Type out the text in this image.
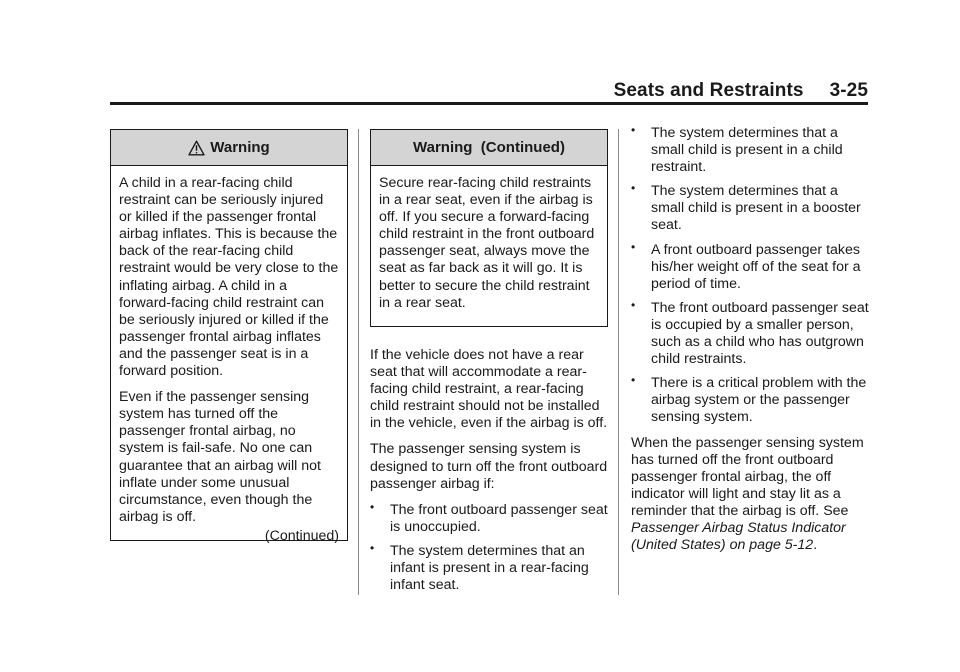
Seats and Restraints 3-25
Warning

A child in a rear-facing child restraint can be seriously injured or killed if the passenger frontal airbag inflates. This is because the back of the rear-facing child restraint would be very close to the inflating airbag. A child in a forward-facing child restraint can be seriously injured or killed if the passenger frontal airbag inflates and the passenger seat is in a forward position.

Even if the passenger sensing system has turned off the passenger frontal airbag, no system is fail-safe. No one can guarantee that an airbag will not inflate under some unusual circumstance, even though the airbag is off.

(Continued)
Warning  (Continued)

Secure rear-facing child restraints in a rear seat, even if the airbag is off. If you secure a forward-facing child restraint in the front outboard passenger seat, always move the seat as far back as it will go. It is better to secure the child restraint in a rear seat.

If the vehicle does not have a rear seat that will accommodate a rear-facing child restraint, a rear-facing child restraint should not be installed in the vehicle, even if the airbag is off.

The passenger sensing system is designed to turn off the front outboard passenger airbag if:

• The front outboard passenger seat is unoccupied.
• The system determines that an infant is present in a rear-facing infant seat.
• The system determines that a small child is present in a child restraint.
• The system determines that a small child is present in a booster seat.
• A front outboard passenger takes his/her weight off of the seat for a period of time.
• The front outboard passenger seat is occupied by a smaller person, such as a child who has outgrown child restraints.
• There is a critical problem with the airbag system or the passenger sensing system.

When the passenger sensing system has turned off the front outboard passenger frontal airbag, the off indicator will light and stay lit as a reminder that the airbag is off. See Passenger Airbag Status Indicator (United States) on page 5-12.
